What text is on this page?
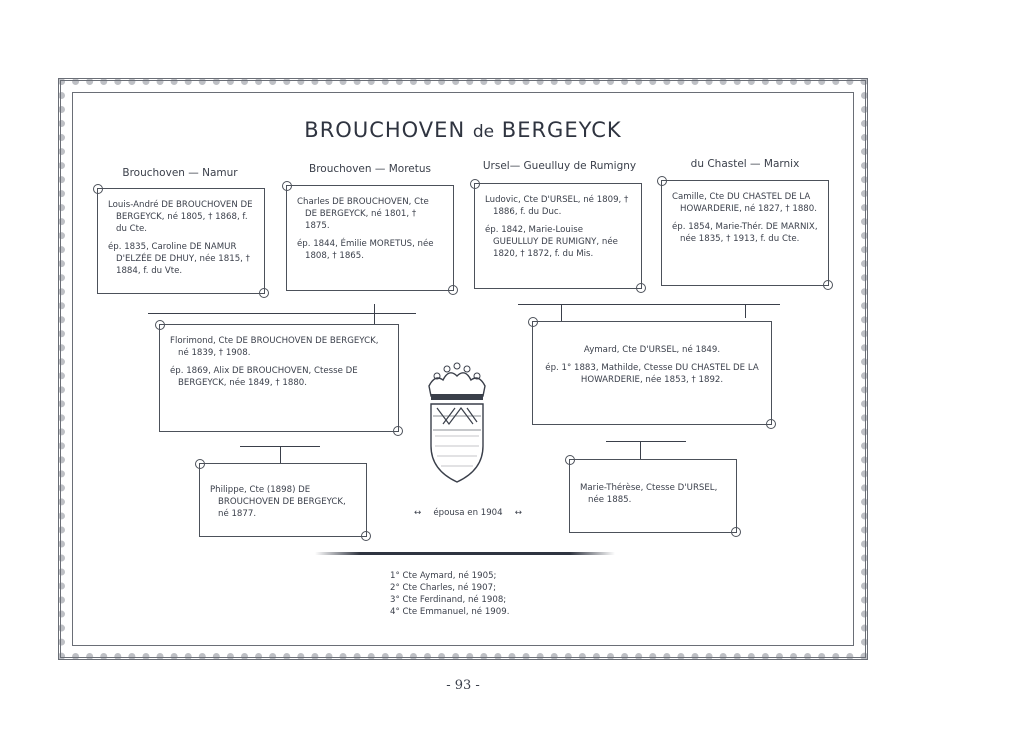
BROUCHOVEN de BERGEYCK
Brouchoven — Namur	Brouchoven — Moretus	Ursel— Gueulluy de Rumigny	du Chastel — Marnix

Louis-André DE BROUCHOVEN DE BERGEYCK, né 1805, † 1868, f. du Cte.

ép. 1835, Caroline DE NAMUR D'ELZÉE DE DHUY, née 1815, † 1884, f. du Vte.

Charles DE BROUCHOVEN, Cte DE BERGEYCK, né 1801, † 1875.

ép. 1844, Émilie MORETUS, née 1808, † 1865.

Ludovic, Cte D'URSEL, né 1809, † 1886, f. du Duc.

ép. 1842, Marie-Louise GUEULLUY DE RUMIGNY, née 1820, † 1872, f. du Mis.

Camille, Cte DU CHASTEL DE LA HOWARDERIE, né 1827, † 1880.

ép. 1854, Marie-Thér. DE MARNIX, née 1835, † 1913, f. du Cte.

Florimond, Cte DE BROUCHOVEN DE BERGEYCK, né 1839, † 1908.

ép. 1869, Alix DE BROUCHOVEN, Ctesse DE BERGEYCK, née 1849, † 1880.

Aymard, Cte D'URSEL, né 1849.

ép. 1° 1883, Mathilde, Ctesse DU CHASTEL DE LA HOWARDERIE, née 1853, † 1892.

Philippe, Cte (1898) DE BROUCHOVEN DE BERGEYCK, né 1877.

Marie-Thérèse, Ctesse D'URSEL, née 1885.

↔ épousa en 1904 ↔
1° Cte Aymard, né 1905;
2° Cte Charles, né 1907;
3° Cte Ferdinand, né 1908;
4° Cte Emmanuel, né 1909.
- 93 -
